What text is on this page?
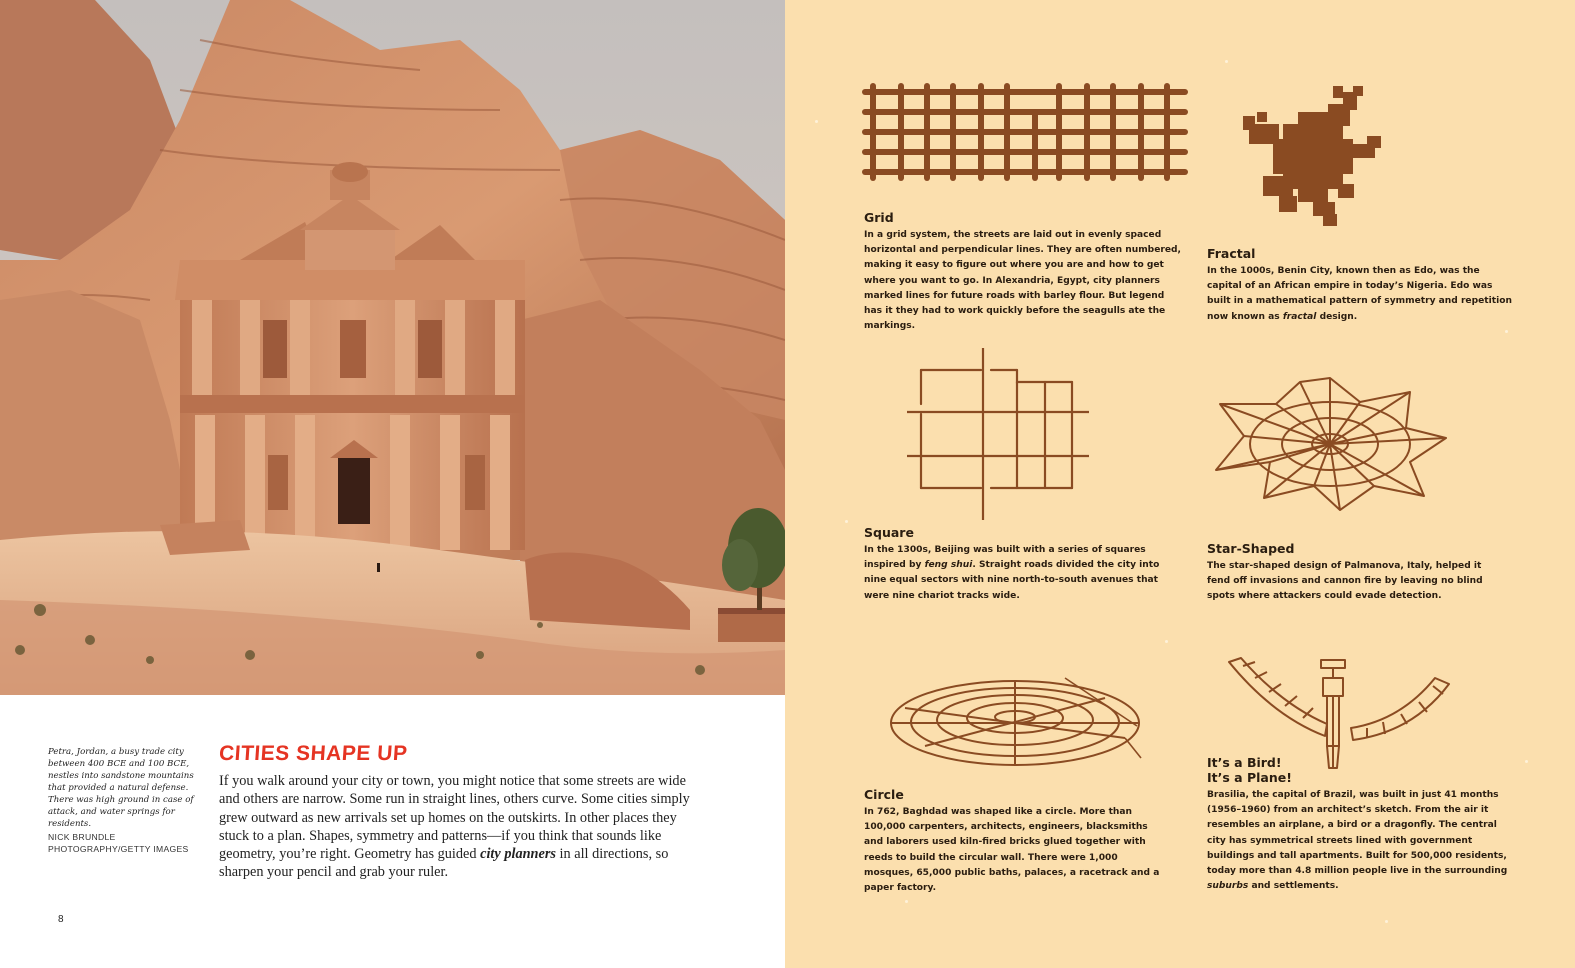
Petra, Jordan, a busy trade city between 400 BCE and 100 BCE, nestles into sandstone mountains that provided a natural defense. There was high ground in case of attack, and water springs for residents.
NICK BRUNDLE PHOTOGRAPHY/GETTY IMAGES
CITIES SHAPE UP
If you walk around your city or town, you might notice that some streets are wide and others are narrow. Some run in straight lines, others curve. Some cities simply grew outward as new arrivals set up homes on the outskirts. In other places they stuck to a plan. Shapes, symmetry and patterns—if you think that sounds like geometry, you’re right. Geometry has guided city planners in all directions, so sharpen your pencil and grab your ruler.
8
Grid

In a grid system, the streets are laid out in evenly spaced horizontal and perpendicular lines. They are often numbered, making it easy to figure out where you are and how to get where you want to go. In Alexandria, Egypt, city planners marked lines for future roads with barley flour. But legend has it they had to work quickly before the seagulls ate the markings.

Fractal

In the 1000s, Benin City, known then as Edo, was the capital of an African empire in today’s Nigeria. Edo was built in a mathematical pattern of symmetry and repetition now known as fractal design.

Square

In the 1300s, Beijing was built with a series of squares inspired by feng shui. Straight roads divided the city into nine equal sectors with nine north-to-south avenues that were nine chariot tracks wide.

Star-Shaped

The star-shaped design of Palmanova, Italy, helped it fend off invasions and cannon fire by leaving no blind spots where attackers could evade detection.

Circle

In 762, Baghdad was shaped like a circle. More than 100,000 carpenters, architects, engineers, blacksmiths and laborers used kiln-fired bricks glued together with reeds to build the circular wall. There were 1,000 mosques, 65,000 public baths, palaces, a racetrack and a paper factory.

It’s a Bird!
It’s a Plane!

Brasilia, the capital of Brazil, was built in just 41 months (1956–1960) from an architect’s sketch. From the air it resembles an airplane, a bird or a dragonfly. The central city has symmetrical streets lined with government buildings and tall apartments. Built for 500,000 residents, today more than 4.8 million people live in the surrounding suburbs and settlements.
